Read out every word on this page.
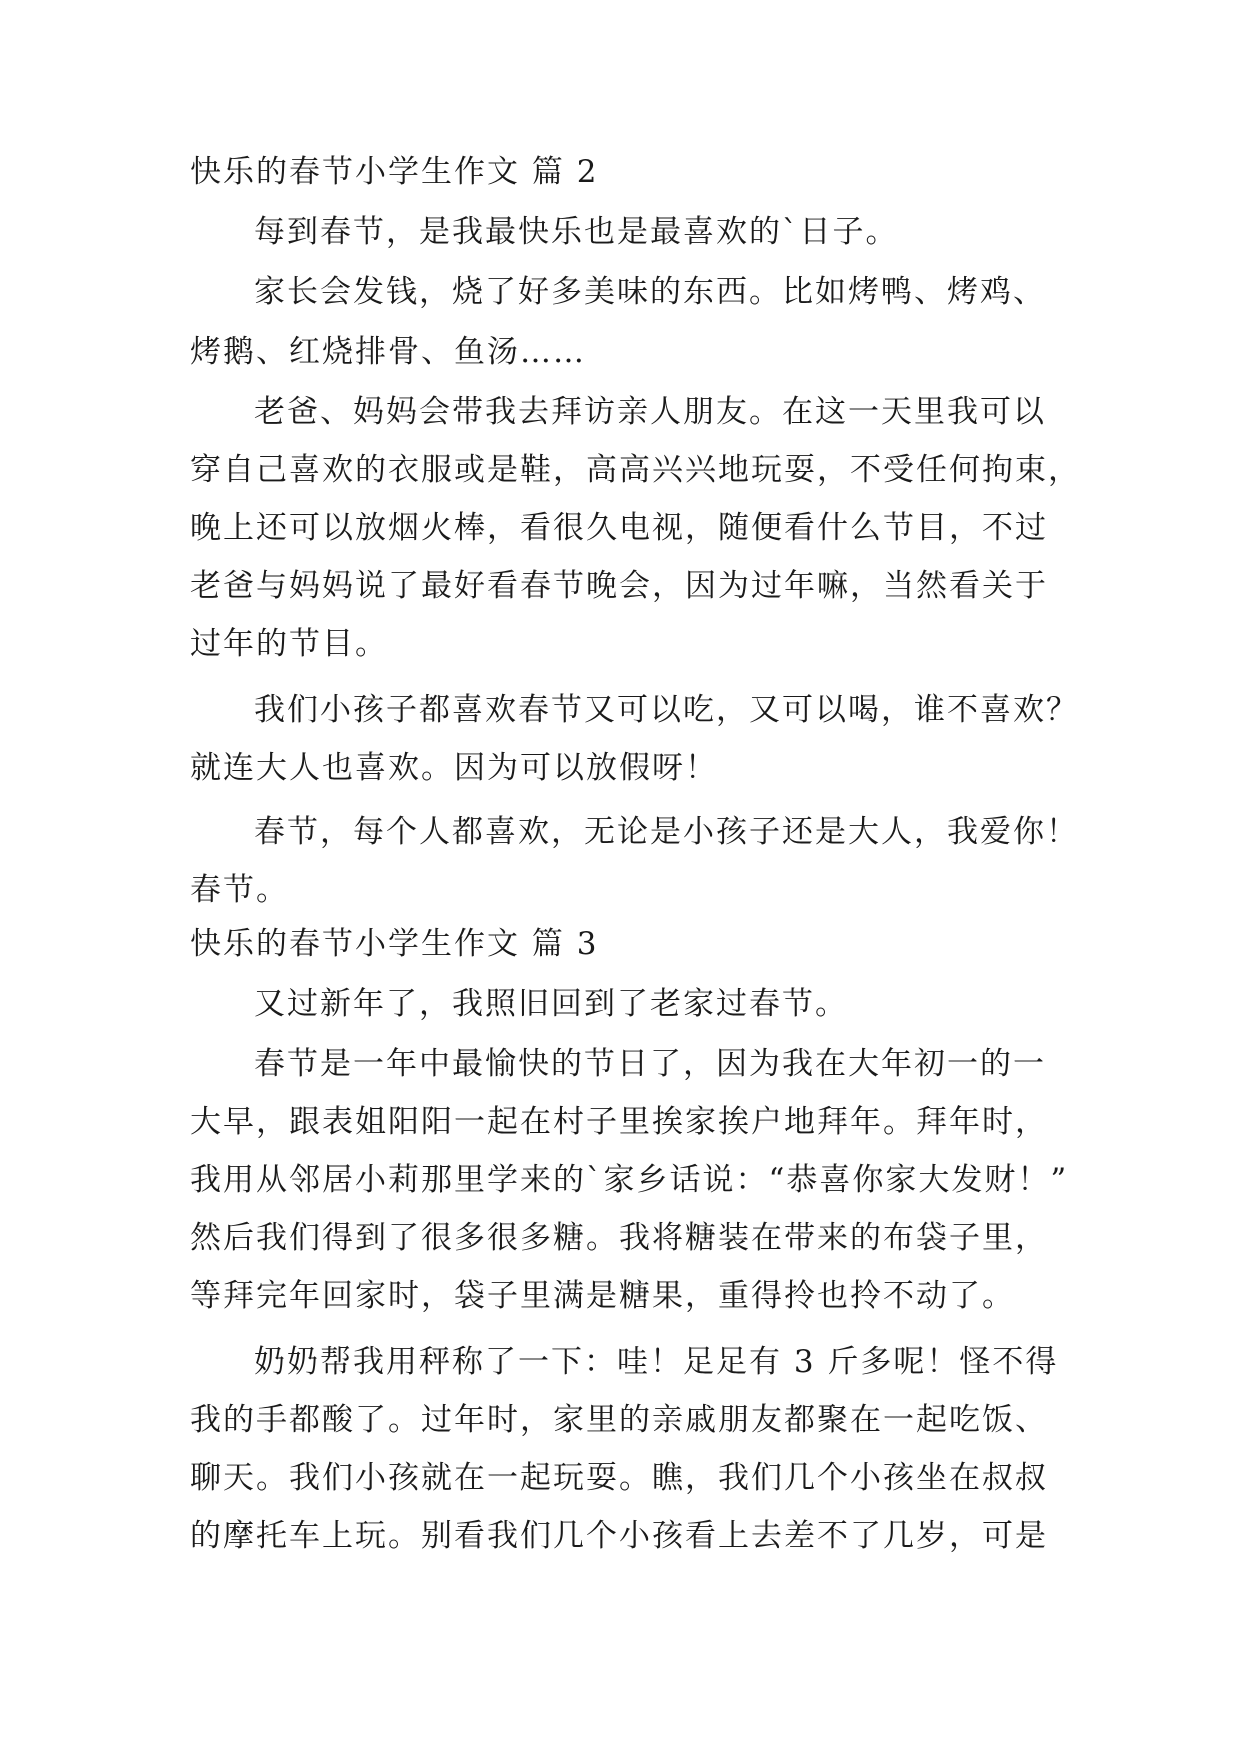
快乐的春节小学生作文 篇 2
每到春节，是我最快乐也是最喜欢的`日子。
家长会发钱，烧了好多美味的东西。比如烤鸭、烤鸡、
烤鹅、红烧排骨、鱼汤……
老爸、妈妈会带我去拜访亲人朋友。在这一天里我可以
穿自己喜欢的衣服或是鞋，高高兴兴地玩耍，不受任何拘束，
晚上还可以放烟火棒，看很久电视，随便看什么节目，不过
老爸与妈妈说了最好看春节晚会，因为过年嘛，当然看关于
过年的节目。
我们小孩子都喜欢春节又可以吃，又可以喝，谁不喜欢？
就连大人也喜欢。因为可以放假呀！
春节，每个人都喜欢，无论是小孩子还是大人，我爱你！
春节。
快乐的春节小学生作文 篇 3
又过新年了，我照旧回到了老家过春节。
春节是一年中最愉快的节日了，因为我在大年初一的一
大早，跟表姐阳阳一起在村子里挨家挨户地拜年。拜年时，
我用从邻居小莉那里学来的`家乡话说：“恭喜你家大发财！”
然后我们得到了很多很多糖。我将糖装在带来的布袋子里，
等拜完年回家时，袋子里满是糖果，重得拎也拎不动了。
奶奶帮我用秤称了一下：哇！足足有 3 斤多呢！怪不得
我的手都酸了。过年时，家里的亲戚朋友都聚在一起吃饭、
聊天。我们小孩就在一起玩耍。瞧，我们几个小孩坐在叔叔
的摩托车上玩。别看我们几个小孩看上去差不了几岁，可是
